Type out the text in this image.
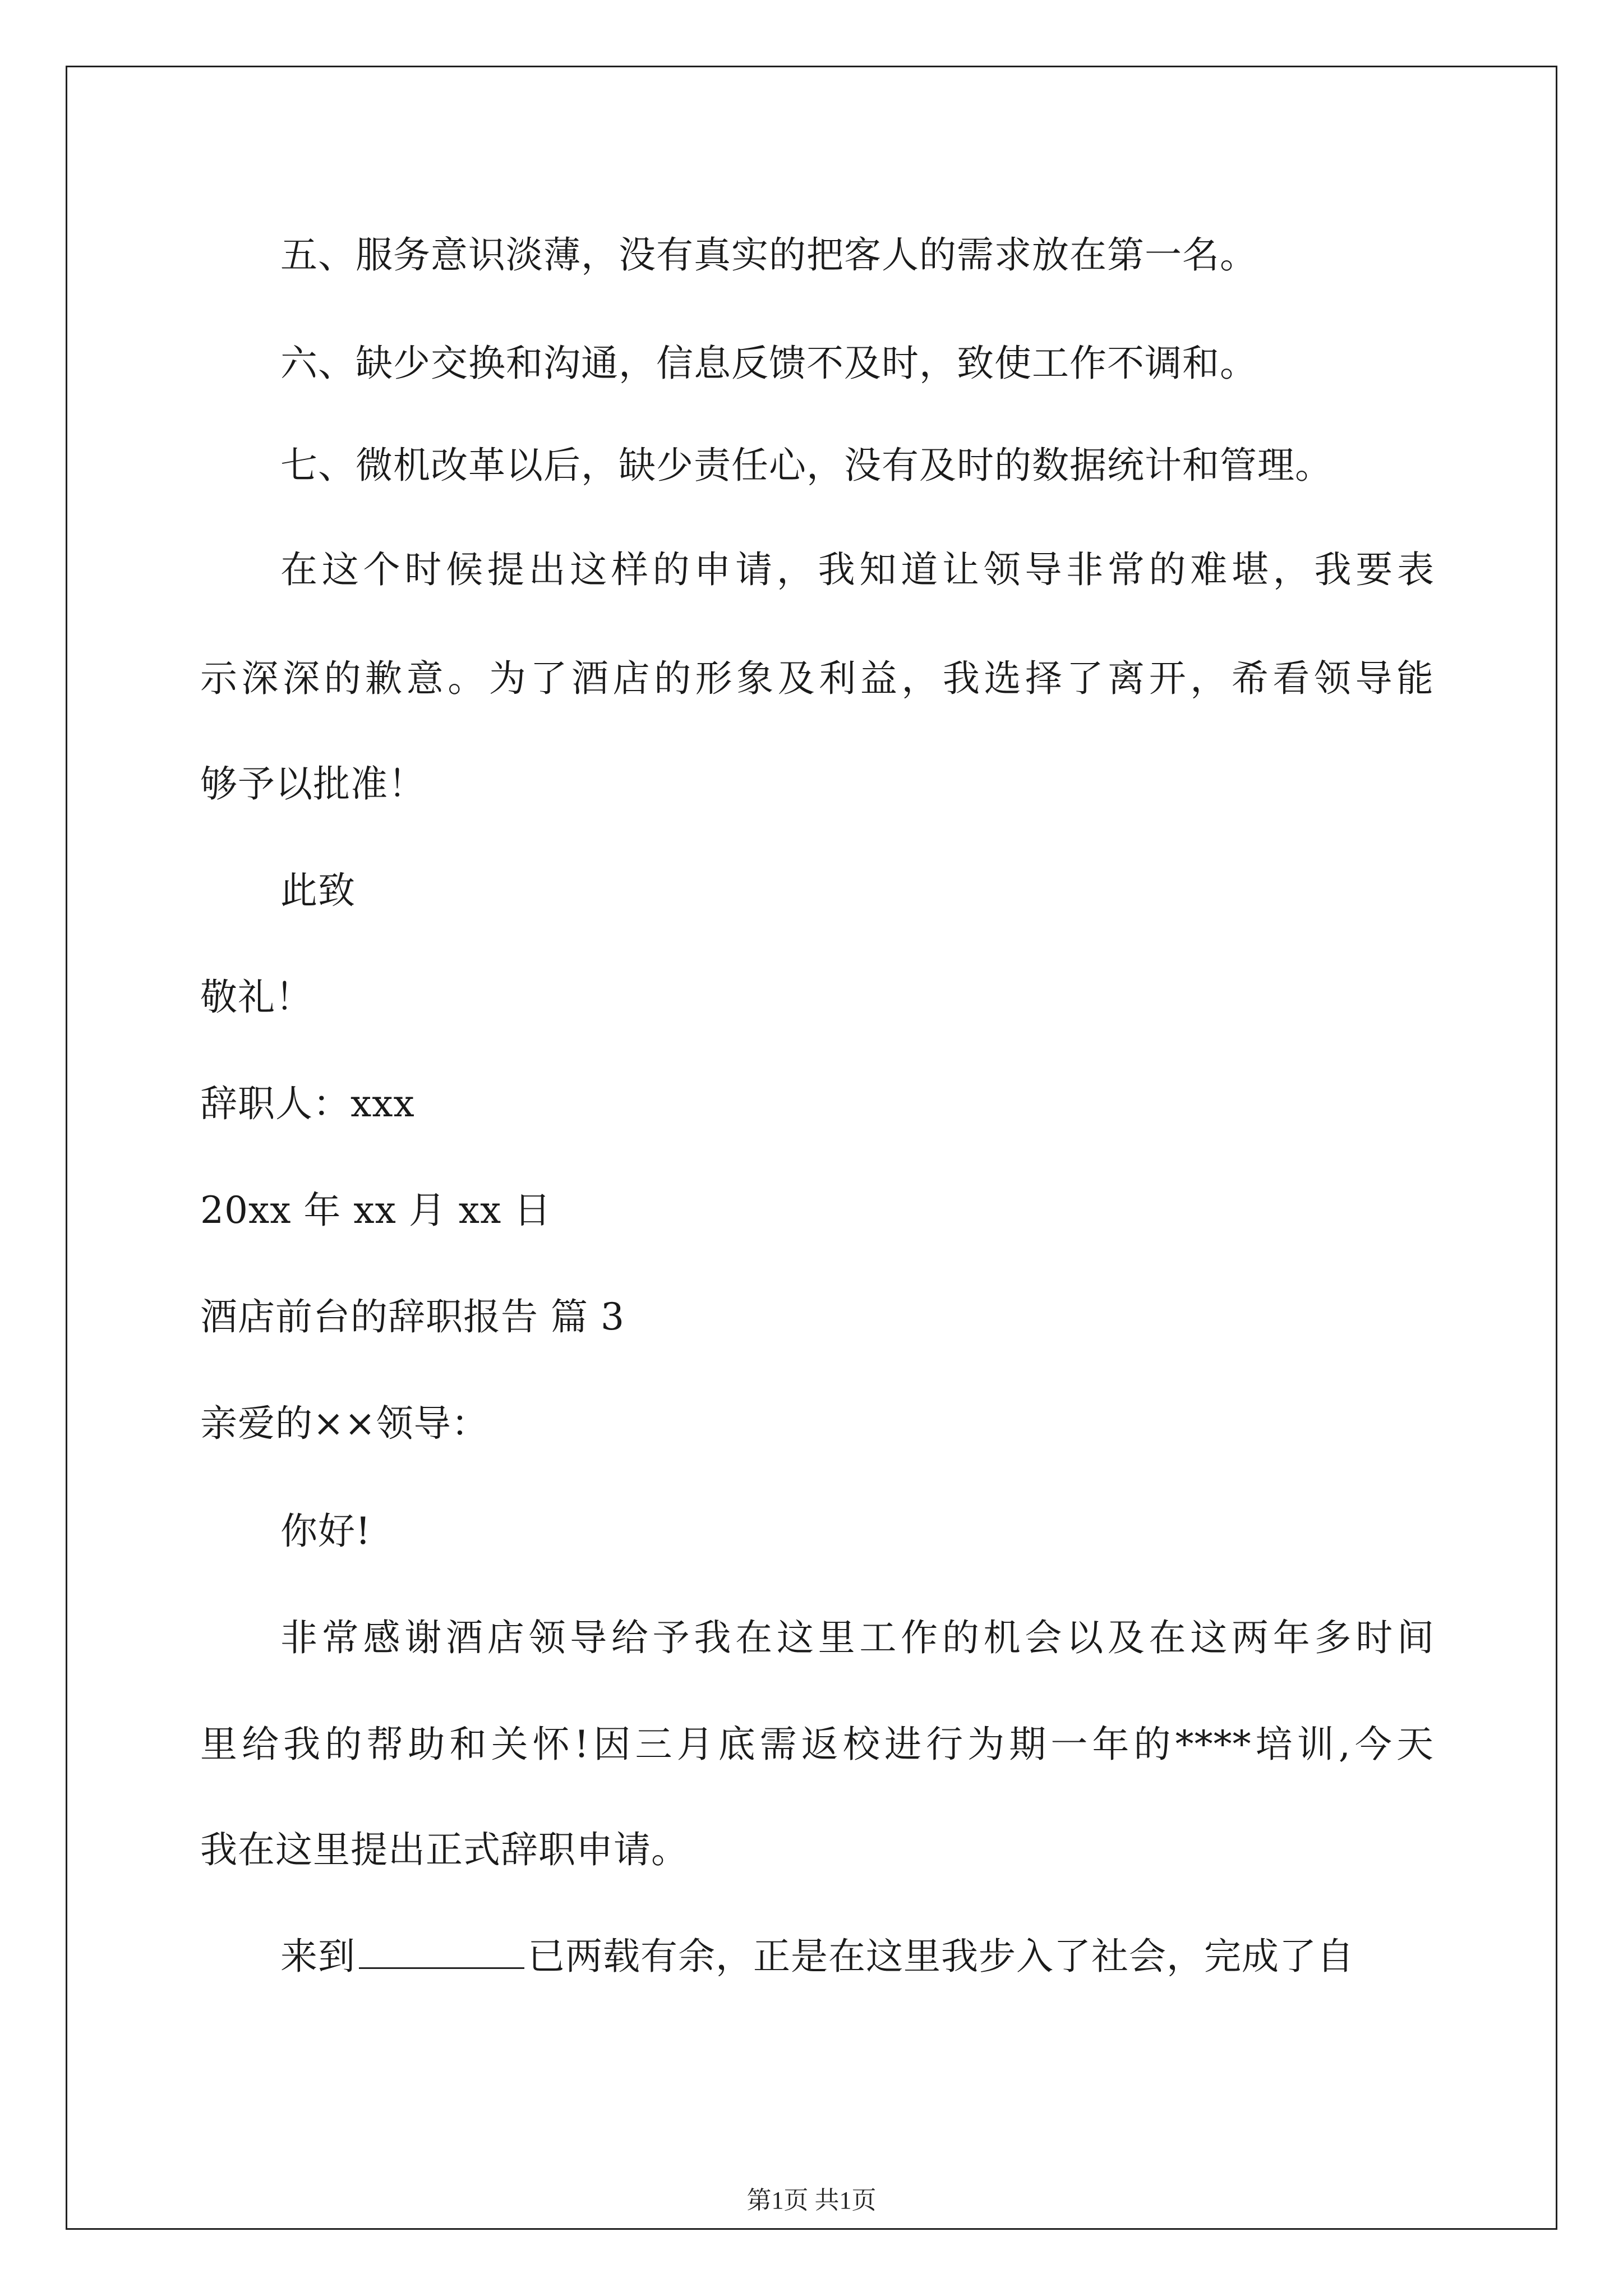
五、服务意识淡薄，没有真实的把客人的需求放在第一名。
六、缺少交换和沟通，信息反馈不及时，致使工作不调和。
七、微机改革以后，缺少责任心，没有及时的数据统计和管理。
在这个时候提出这样的申请，我知道让领导非常的难堪，我要表
示深深的歉意。为了酒店的形象及利益，我选择了离开，希看领导能
够予以批准！
此致
敬礼！
辞职人：xxx
20xx 年 xx 月 xx 日
酒店前台的辞职报告 篇 3
亲爱的××领导：
你好!
非常感谢酒店领导给予我在这里工作的机会以及在这两年多时间
里给我的帮助和关怀!因三月底需返校进行为期一年的****培训,今天
我在这里提出正式辞职申请。
来到	已两载有余，正是在这里我步入了社会，完成了自
第1页 共1页
